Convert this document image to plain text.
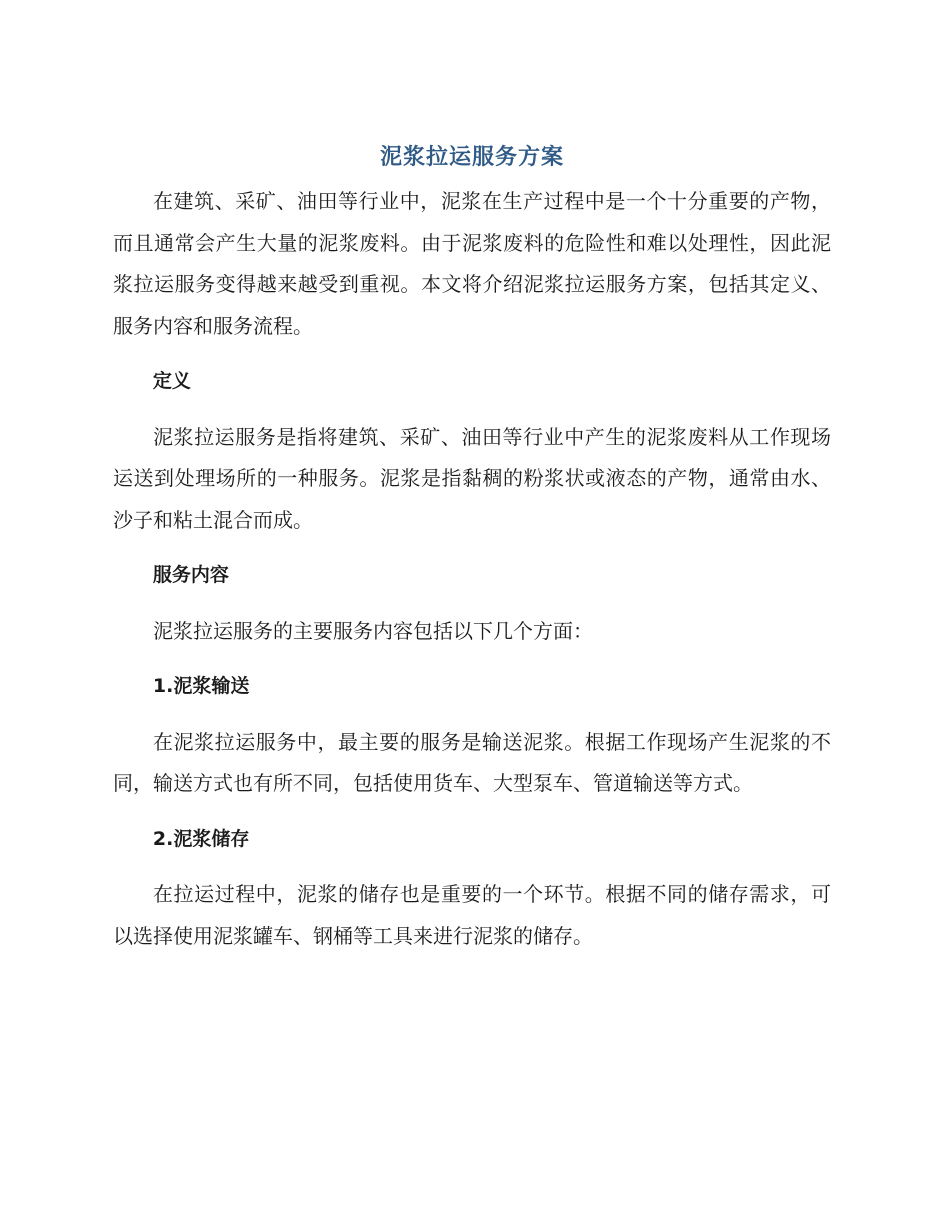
泥浆拉运服务方案

在建筑、采矿、油田等行业中，泥浆在生产过程中是一个十分重要的产物，而且通常会产生大量的泥浆废料。由于泥浆废料的危险性和难以处理性，因此泥浆拉运服务变得越来越受到重视。本文将介绍泥浆拉运服务方案，包括其定义、服务内容和服务流程。

定义

泥浆拉运服务是指将建筑、采矿、油田等行业中产生的泥浆废料从工作现场运送到处理场所的一种服务。泥浆是指黏稠的粉浆状或液态的产物，通常由水、沙子和粘土混合而成。

服务内容

泥浆拉运服务的主要服务内容包括以下几个方面：

1.泥浆输送

在泥浆拉运服务中，最主要的服务是输送泥浆。根据工作现场产生泥浆的不同，输送方式也有所不同，包括使用货车、大型泵车、管道输送等方式。

2.泥浆储存

在拉运过程中，泥浆的储存也是重要的一个环节。根据不同的储存需求，可以选择使用泥浆罐车、钢桶等工具来进行泥浆的储存。
